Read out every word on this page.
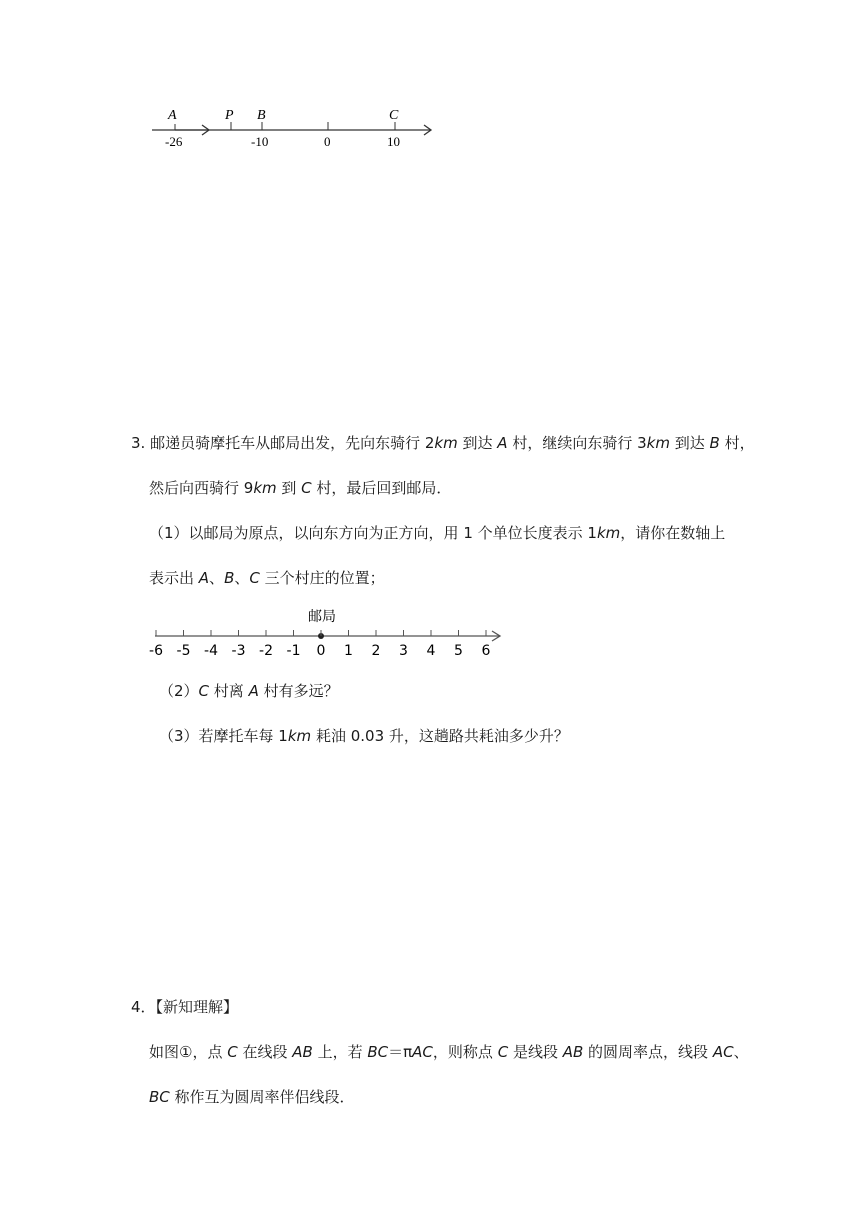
A	P B	C
-26	-10	0	10
3. 邮递员骑摩托车从邮局出发，先向东骑行 2km 到达 A 村，继续向东骑行 3km 到达 B 村，
然后向西骑行 9km 到 C 村，最后回到邮局．
（1）以邮局为原点，以向东方向为正方向，用 1 个单位长度表示 1km，请你在数轴上
表示出 A、B、C 三个村庄的位置；
邮局
-6 -5 -4 -3 -2 -1 0 1 2 3 4 5 6
（2）C 村离 A 村有多远？
（3）若摩托车每 1km 耗油 0.03 升，这趟路共耗油多少升？
4．【新知理解】
如图①，点 C 在线段 AB 上，若 BC＝πAC，则称点 C 是线段 AB 的圆周率点，线段 AC、
BC 称作互为圆周率伴侣线段．
